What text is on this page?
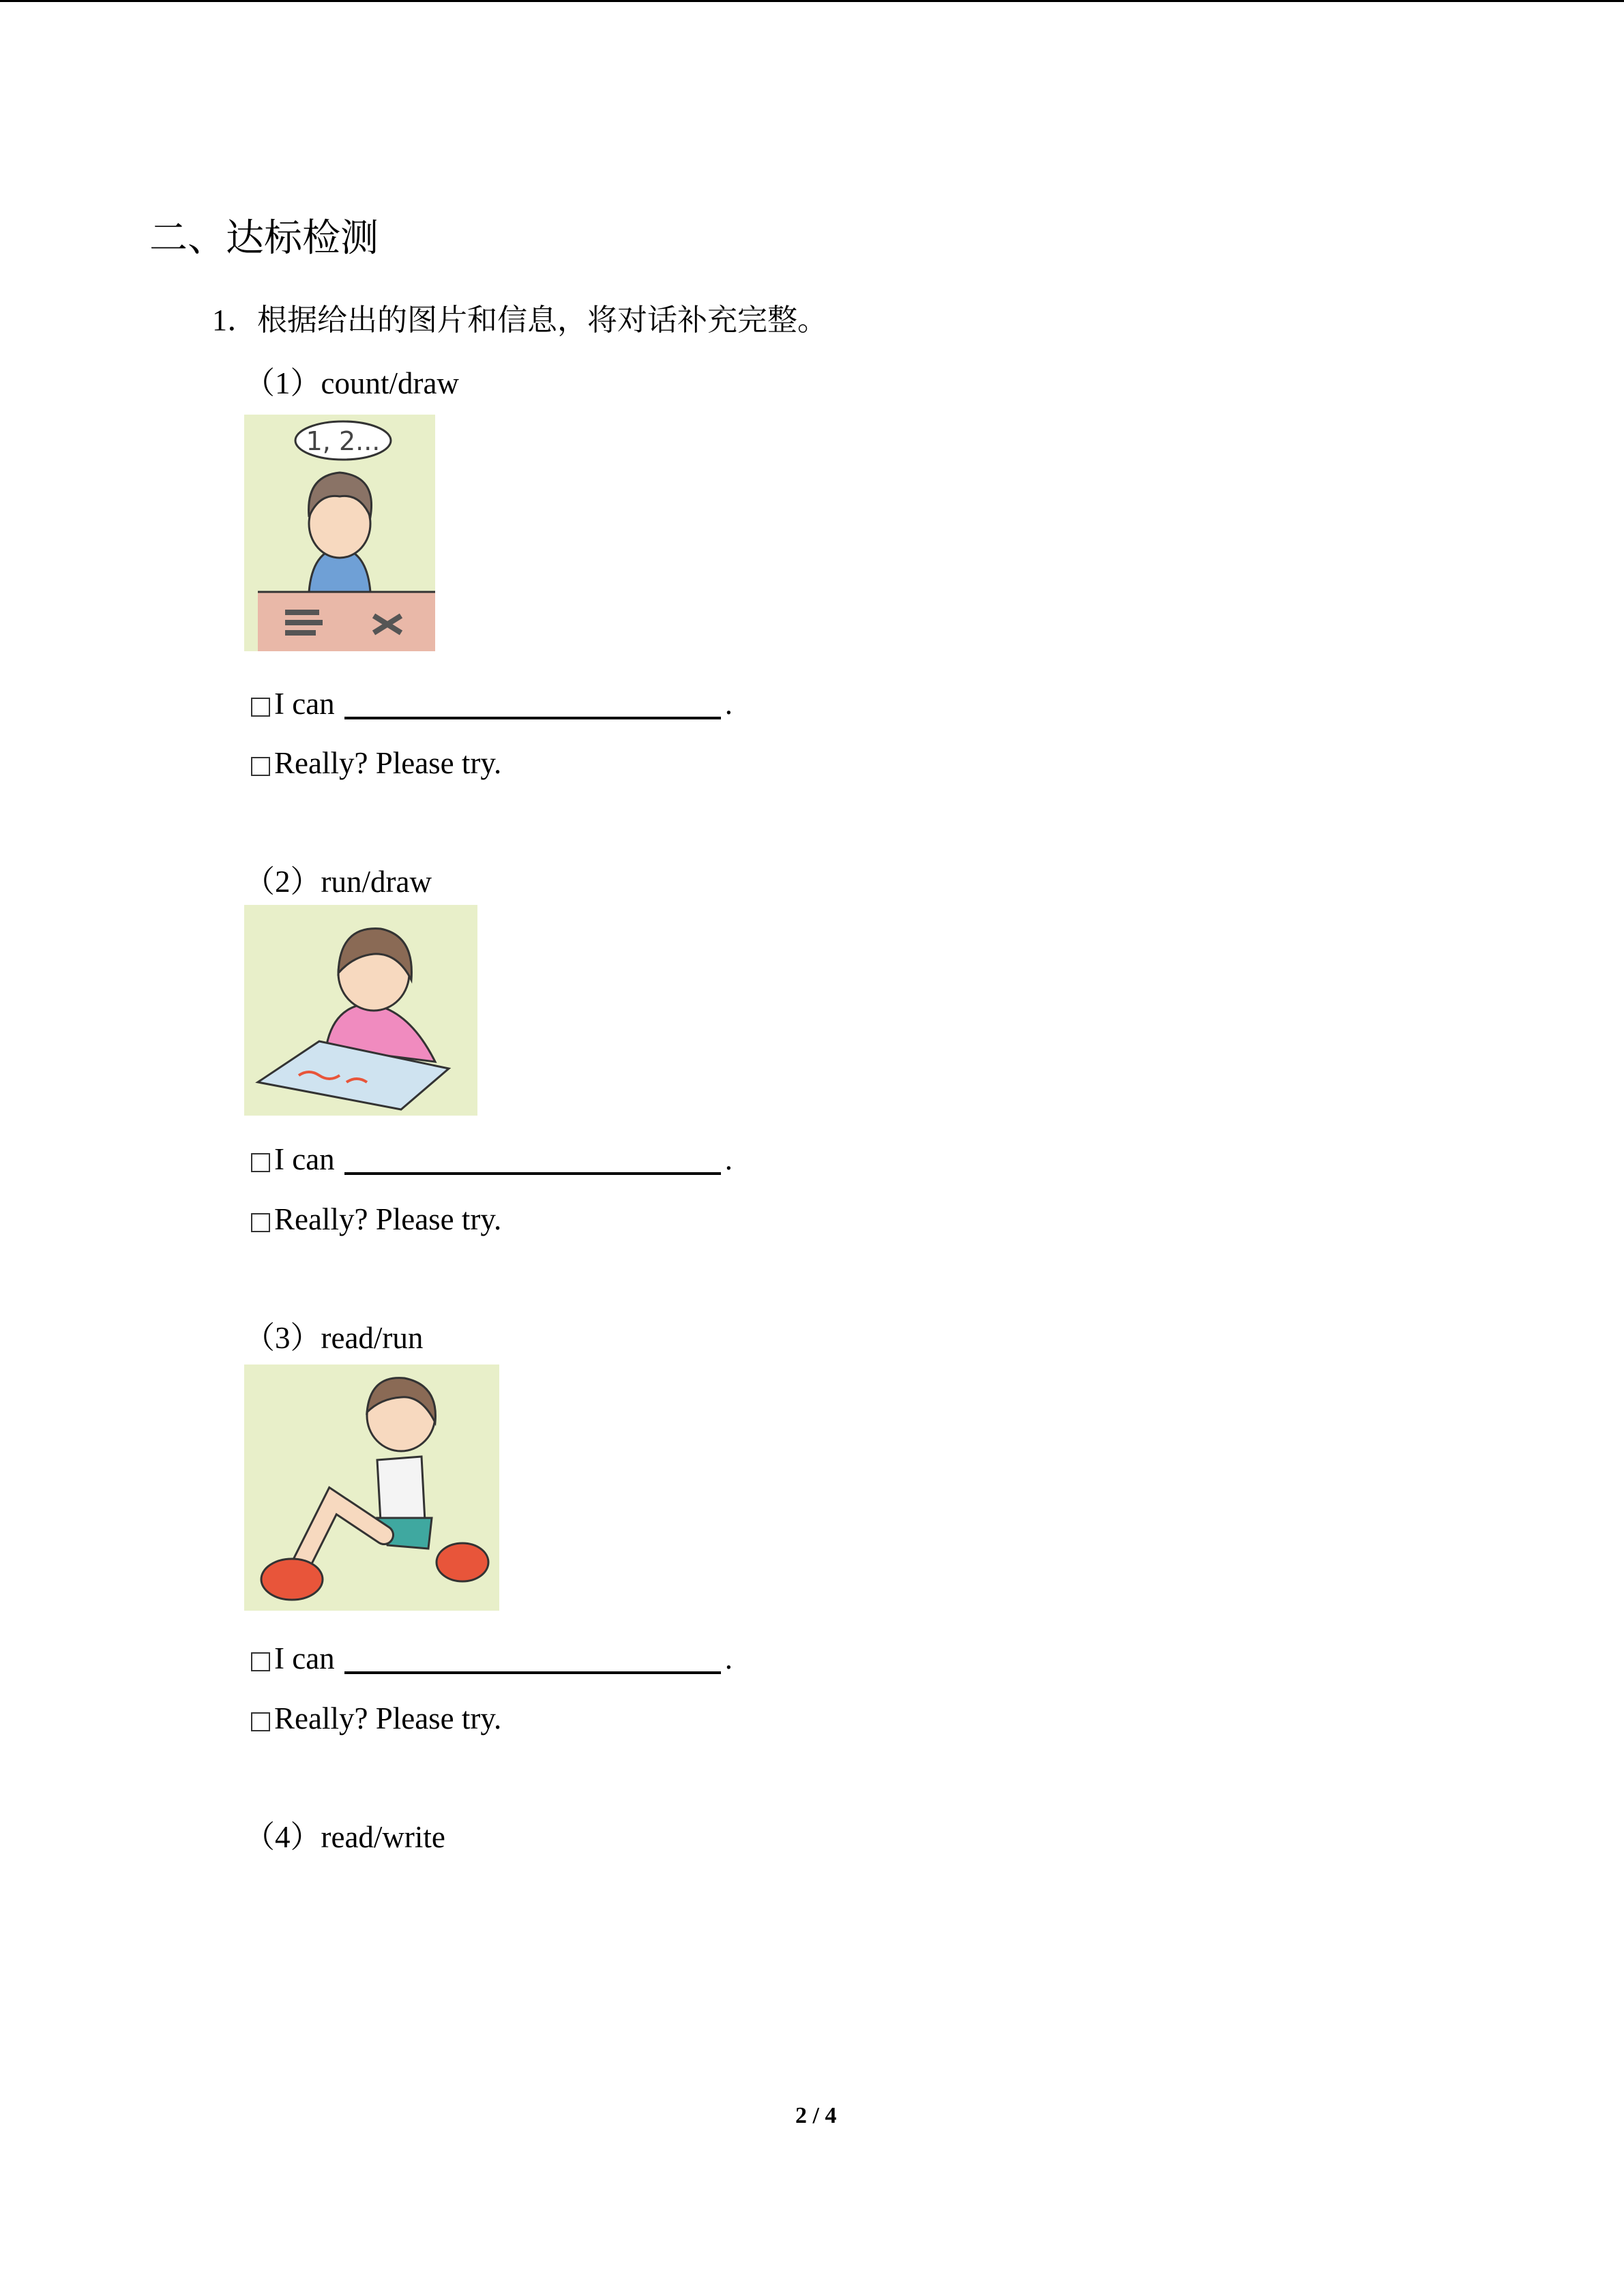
二、达标检测
1．根据给出的图片和信息，将对话补充完整。
（1）count/draw
1, 2...
I can	.
Really? Please try.
（2）run/draw
I can	.
Really? Please try.
（3）read/run
I can	.
Really? Please try.
（4）read/write
2 / 4
